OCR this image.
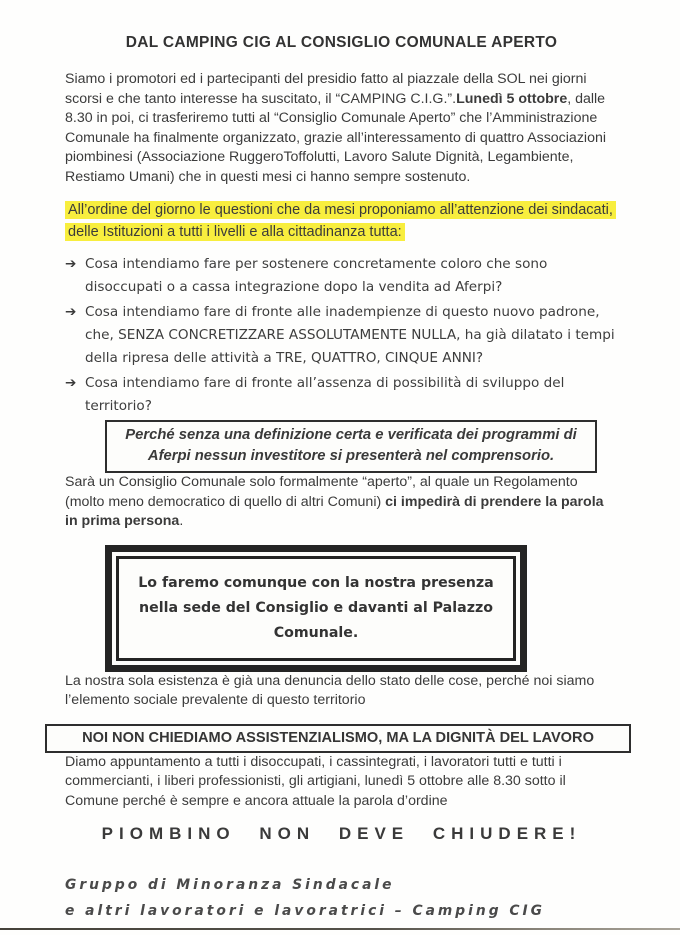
DAL CAMPING CIG AL CONSIGLIO COMUNALE APERTO

Siamo i promotori ed i partecipanti del presidio fatto al piazzale della SOL nei giorni scorsi e che tanto interesse ha suscitato, il “CAMPING C.I.G.”.Lunedì 5 ottobre, dalle 8.30 in poi, ci trasferiremo tutti al “Consiglio Comunale Aperto” che l’Amministrazione Comunale ha finalmente organizzato, grazie all’interessamento di quattro Associazioni piombinesi (Associazione RuggeroToffolutti, Lavoro Salute Dignità, Legambiente, Restiamo Umani) che in questi mesi ci hanno sempre sostenuto.

All’ordine del giorno le questioni che da mesi proponiamo all’attenzione dei sindacati, delle Istituzioni a tutti i livelli e alla cittadinanza tutta:

➔ Cosa intendiamo fare per sostenere concretamente coloro che sono disoccupati o a cassa integrazione dopo la vendita ad Aferpi?
➔ Cosa intendiamo fare di fronte alle inadempienze di questo nuovo padrone, che, SENZA CONCRETIZZARE ASSOLUTAMENTE NULLA, ha già dilatato i tempi della ripresa delle attività a TRE, QUATTRO, CINQUE ANNI?
➔ Cosa intendiamo fare di fronte all’assenza di possibilità di sviluppo del territorio?
Perché senza una definizione certa e verificata dei programmi di Aferpi nessun investitore si presenterà nel comprensorio.

Sarà un Consiglio Comunale solo formalmente “aperto”, al quale un Regolamento (molto meno democratico di quello di altri Comuni) ci impedirà di prendere la parola in prima persona.

Lo faremo comunque con la nostra presenza nella sede del Consiglio e davanti al Palazzo Comunale.

La nostra sola esistenza è già una denuncia dello stato delle cose, perché noi siamo l’elemento sociale prevalente di questo territorio

NOI NON CHIEDIAMO ASSISTENZIALISMO, MA LA DIGNITÀ DEL LAVORO

Diamo appuntamento a tutti i disoccupati, i cassintegrati, i lavoratori tutti e tutti i commercianti, i liberi professionisti, gli artigiani, lunedì 5 ottobre alle 8.30 sotto il Comune perché è sempre e ancora attuale la parola d’ordine

PIOMBINO NON DEVE CHIUDERE!
Gruppo di Minoranza Sindacale
e altri lavoratori e lavoratrici – Camping CIG
